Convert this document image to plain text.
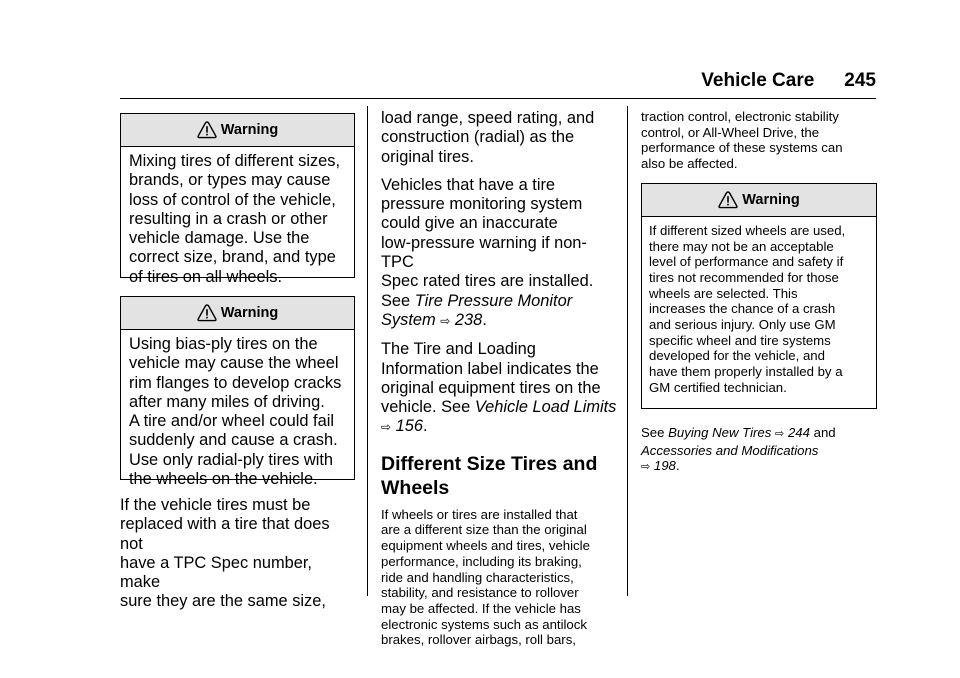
Vehicle Care 245
Warning
Mixing tires of different sizes,
brands, or types may cause
loss of control of the vehicle,
resulting in a crash or other
vehicle damage. Use the
correct size, brand, and type
of tires on all wheels.
Warning
Using bias-ply tires on the
vehicle may cause the wheel
rim flanges to develop cracks
after many miles of driving.
A tire and/or wheel could fail
suddenly and cause a crash.
Use only radial-ply tires with
the wheels on the vehicle.
If the vehicle tires must be
replaced with a tire that does not
have a TPC Spec number, make
sure they are the same size,
load range, speed rating, and
construction (radial) as the
original tires.
Vehicles that have a tire
pressure monitoring system
could give an inaccurate
low-pressure warning if non-TPC
Spec rated tires are installed.
See Tire Pressure Monitor
System ⇨ 238.
The Tire and Loading
Information label indicates the
original equipment tires on the
vehicle. See Vehicle Load Limits
⇨ 156.
Different Size Tires and
Wheels
If wheels or tires are installed that
are a different size than the original
equipment wheels and tires, vehicle
performance, including its braking,
ride and handling characteristics,
stability, and resistance to rollover
may be affected. If the vehicle has
electronic systems such as antilock
brakes, rollover airbags, roll bars,
traction control, electronic stability
control, or All-Wheel Drive, the
performance of these systems can
also be affected.
Warning
If different sized wheels are used,
there may not be an acceptable
level of performance and safety if
tires not recommended for those
wheels are selected. This
increases the chance of a crash
and serious injury. Only use GM
specific wheel and tire systems
developed for the vehicle, and
have them properly installed by a
GM certified technician.
See Buying New Tires ⇨ 244 and
Accessories and Modifications
⇨ 198.
